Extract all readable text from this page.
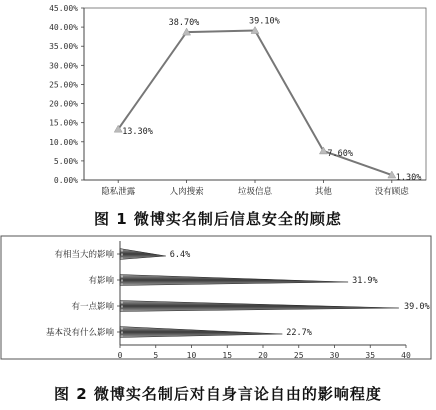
0.00%
5.00%
10.00%
15.00%
20.00%
25.00%
30.00%
35.00%
40.00%
45.00%
隐私泄露	人肉搜索	垃圾信息	其他	没有顾虑
13.30%
38.70%	39.10%
7.60%
1.30%
图 1 微博实名制后信息安全的顾虑
0	5	10	15	20	25	30	35	40
有相当大的影响	6.4%
有影响	31.9%
有一点影响	39.0%
基本没有什么影响	22.7%
图 2 微博实名制后对自身言论自由的影响程度
